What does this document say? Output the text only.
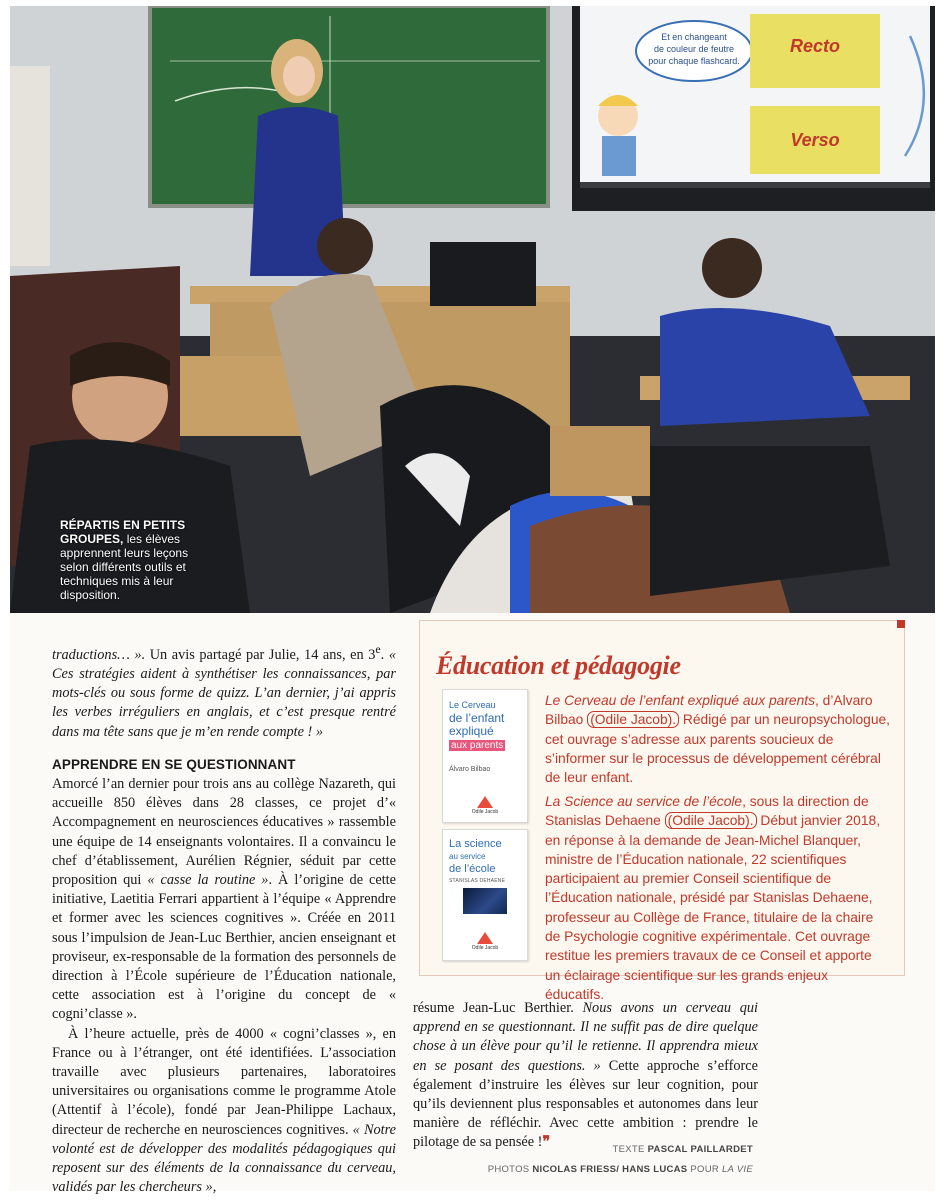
Et en changeant
de couleur de feutre
pour chaque flashcard.
Recto
Verso
RÉPARTIS EN PETITS GROUPES, les élèves apprennent leurs leçons selon différents outils et techniques mis à leur disposition.

traductions… ». Un avis partagé par Julie, 14 ans, en 3e. « Ces stratégies aident à synthétiser les connaissances, par mots-clés ou sous forme de quizz. L’an dernier, j’ai appris les verbes irréguliers en anglais, et c’est presque rentré dans ma tête sans que je m’en rende compte ! »

APPRENDRE EN SE QUESTIONNANT

Amorcé l’an dernier pour trois ans au collège Nazareth, qui accueille 850 élèves dans 28 classes, ce projet d’« Accompagnement en neurosciences éducatives » rassemble une équipe de 14 enseignants volontaires. Il a convaincu le chef d’établissement, Aurélien Régnier, séduit par cette proposition qui « casse la routine ». À l’origine de cette initiative, Laetitia Ferrari appartient à l’équipe « Apprendre et former avec les sciences cognitives ». Créée en 2011 sous l’impulsion de Jean-Luc Berthier, ancien enseignant et proviseur, ex-responsable de la formation des personnels de direction à l’École supérieure de l’Éducation nationale, cette association est à l’origine du concept de « cogni’classe ».

À l’heure actuelle, près de 4000 « cogni’classes », en France ou à l’étranger, ont été identifiées. L’association travaille avec plusieurs partenaires, laboratoires universitaires ou organisations comme le programme Atole (Attentif à l’école), fondé par Jean-Philippe Lachaux, directeur de recherche en neurosciences cognitives. « Notre volonté est de développer des modalités pédagogiques qui reposent sur des éléments de la connaissance du cerveau, validés par les chercheurs »,

Éducation et pédagogie
Le Cerveau
de l’enfant
expliqué
aux parents
Álvaro Bilbao
Odile Jacob
La science
au service
de l’école
STANISLAS DEHAENE
Odile Jacob
Le Cerveau de l’enfant expliqué aux parents, d’Alvaro Bilbao (Odile Jacob). Rédigé par un neuropsychologue, cet ouvrage s’adresse aux parents soucieux de s’informer sur le processus de développement cérébral de leur enfant.
La Science au service de l’école, sous la direction de Stanislas Dehaene (Odile Jacob). Début janvier 2018, en réponse à la demande de Jean-Michel Blanquer, ministre de l’Éducation nationale, 22 scientifiques participaient au premier Conseil scientifique de l’Éducation nationale, présidé par Stanislas Dehaene, professeur au Collège de France, titulaire de la chaire de Psychologie cognitive expérimentale. Cet ouvrage restitue les premiers travaux de ce Conseil et apporte un éclairage scientifique sur les grands enjeux éducatifs.

résume Jean-Luc Berthier. Nous avons un cerveau qui apprend en se questionnant. Il ne suffit pas de dire quelque chose à un élève pour qu’il le retienne. Il apprendra mieux en se posant des questions. » Cette approche s’efforce également d’instruire les élèves sur leur cognition, pour qu’ils deviennent plus responsables et autonomes dans leur manière de réfléchir. Avec cette ambition : prendre le pilotage de sa pensée !❞	TEXTE PASCAL PAILLARDET
PHOTOS NICOLAS FRIESS/ HANS LUCAS POUR LA VIE
